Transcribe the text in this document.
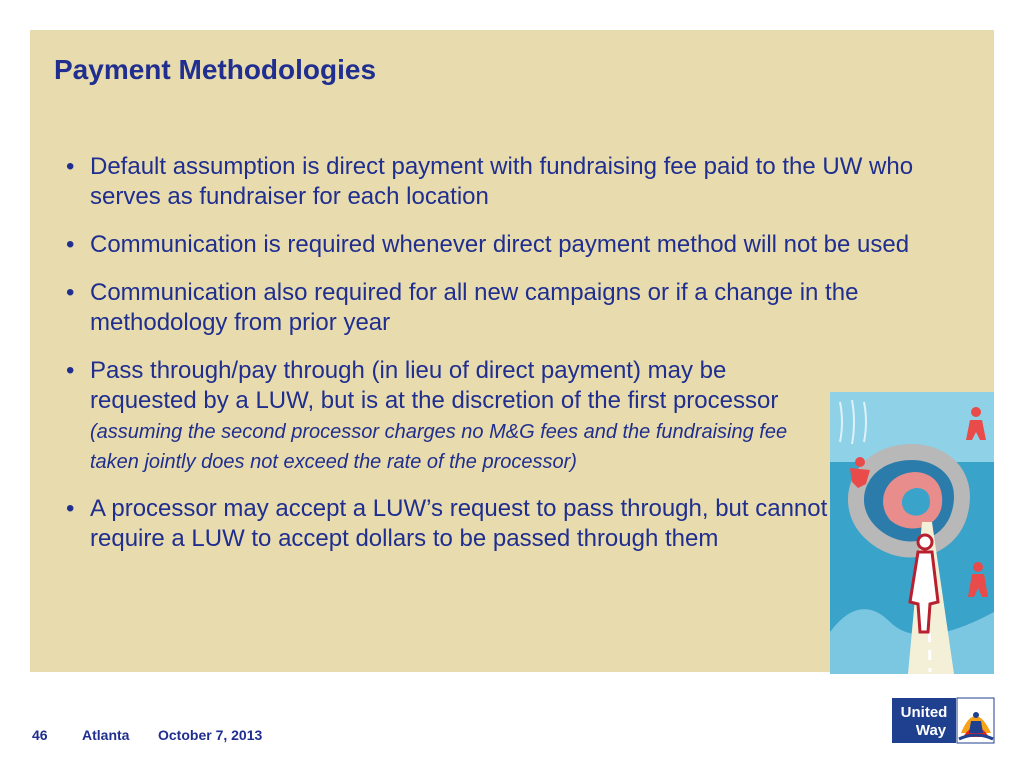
Payment Methodologies
• Default assumption is direct payment with fundraising fee paid to the UW who serves as fundraiser for each location
• Communication is required whenever direct payment method will not be used
• Communication also required for all new campaigns or if a change in the methodology from prior year
• Pass through/pay through (in lieu of direct payment) may be requested by a LUW, but is at the discretion of the first processor (assuming the second processor charges no M&G fees and the fundraising fee taken jointly does not exceed the rate of the processor)
• A processor may accept a LUW’s request to pass through, but cannot require a LUW to accept dollars to be passed through them
46 Atlanta October 7, 2013
United
Way
